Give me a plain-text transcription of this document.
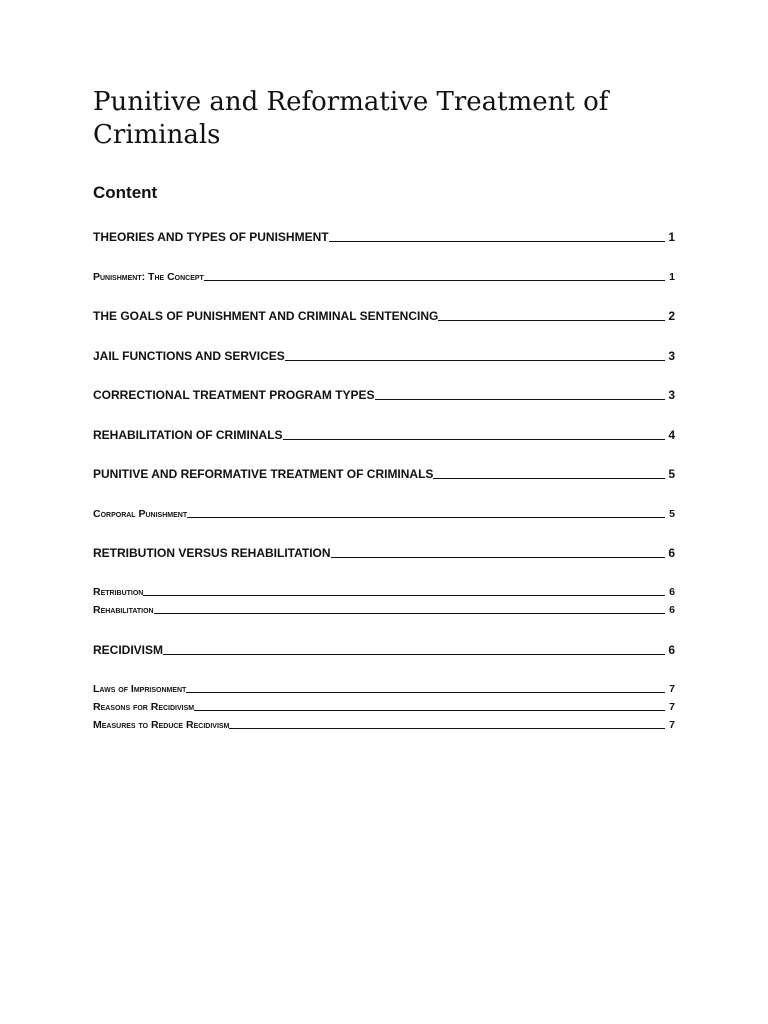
Punitive and Reformative Treatment of Criminals
Content
THEORIES AND TYPES OF PUNISHMENT	1
Punishment: The Concept	1
THE GOALS OF PUNISHMENT AND CRIMINAL SENTENCING	2
JAIL FUNCTIONS AND SERVICES	3
CORRECTIONAL TREATMENT PROGRAM TYPES	3
REHABILITATION OF CRIMINALS	4
PUNITIVE AND REFORMATIVE TREATMENT OF CRIMINALS	5
Corporal Punishment	5
RETRIBUTION VERSUS REHABILITATION	6
Retribution	6
Rehabilitation	6
RECIDIVISM	6
Laws of Imprisonment	7
Reasons for Recidivism	7
Measures to Reduce Recidivism	7
